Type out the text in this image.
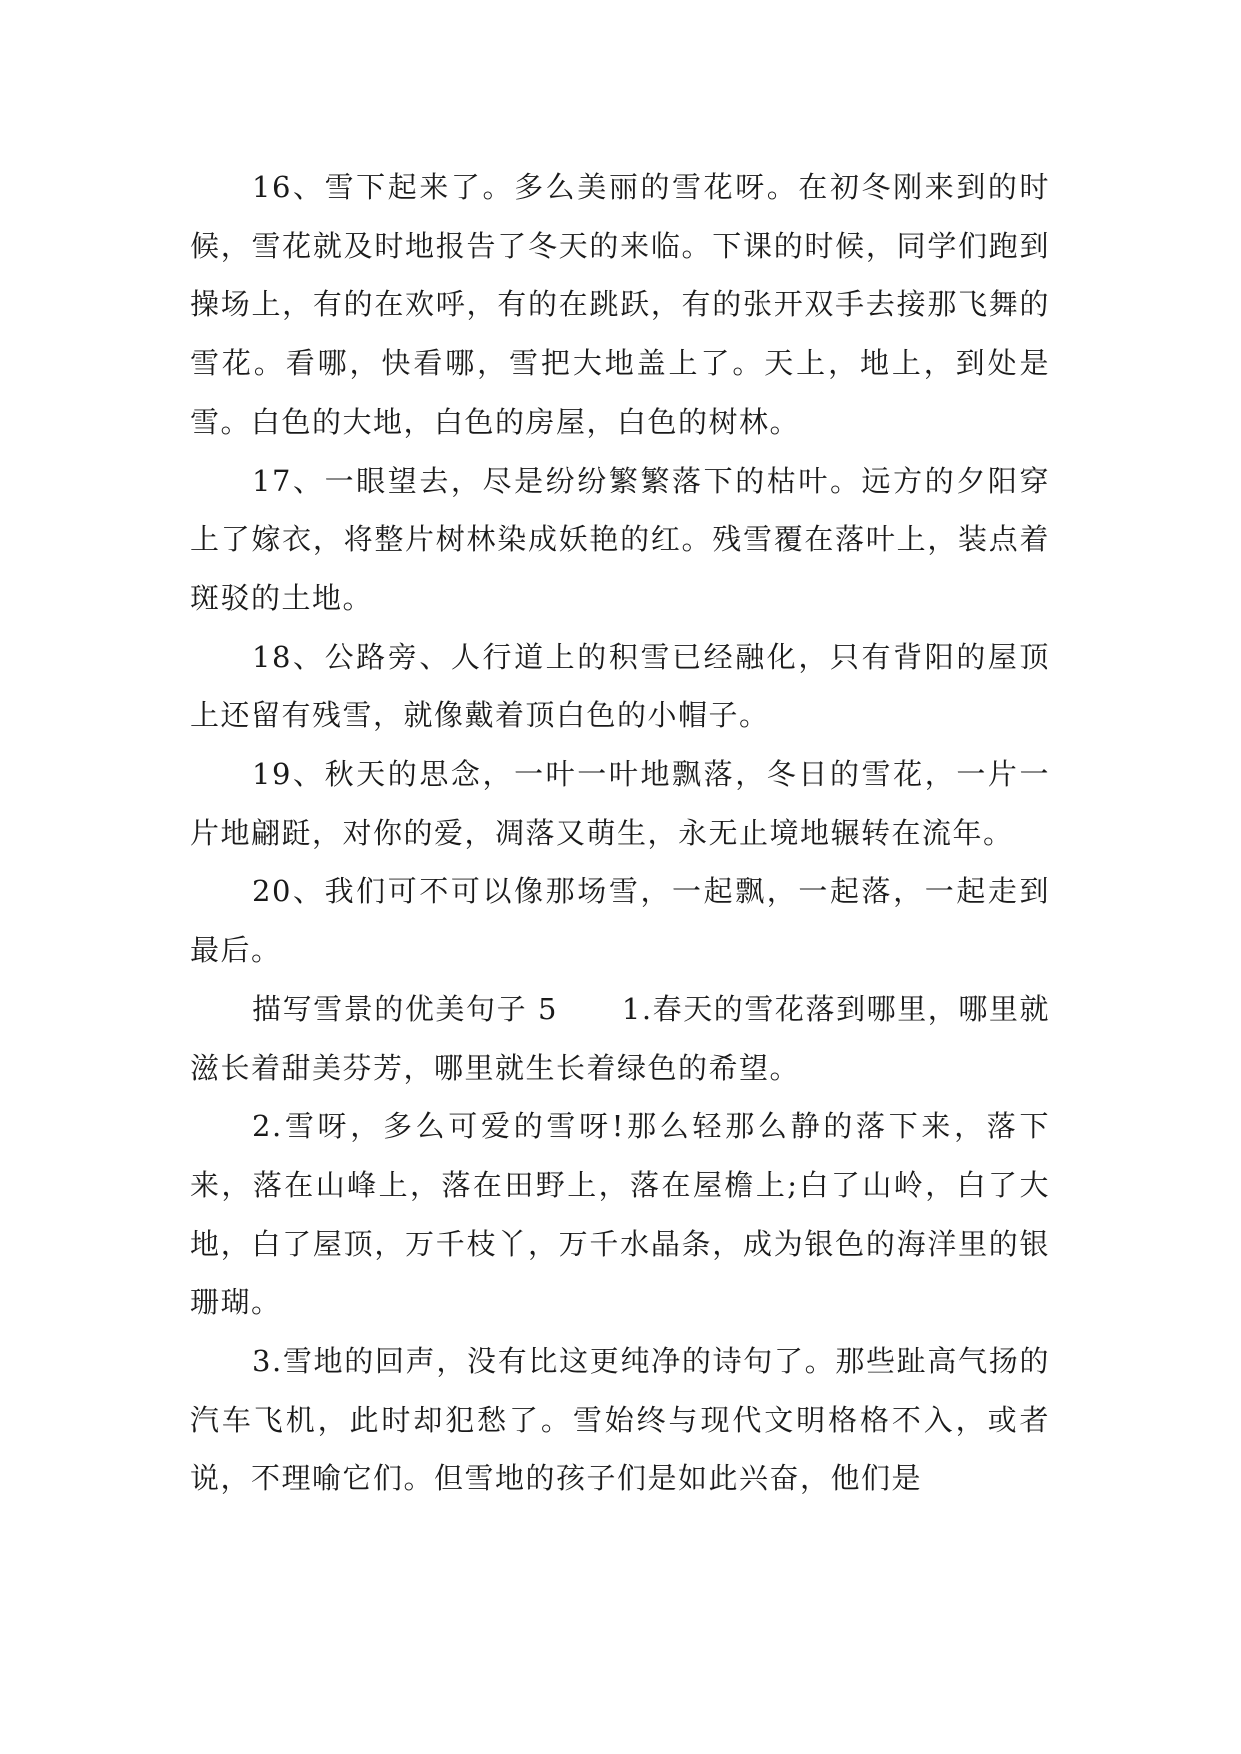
16、雪下起来了。多么美丽的雪花呀。在初冬刚来到的时候，雪花就及时地报告了冬天的来临。下课的时候，同学们跑到操场上，有的在欢呼，有的在跳跃，有的张开双手去接那飞舞的雪花。看哪，快看哪，雪把大地盖上了。天上，地上，到处是雪。白色的大地，白色的房屋，白色的树林。

17、一眼望去，尽是纷纷繁繁落下的枯叶。远方的夕阳穿上了嫁衣，将整片树林染成妖艳的红。残雪覆在落叶上，装点着斑驳的土地。

18、公路旁、人行道上的积雪已经融化，只有背阳的屋顶上还留有残雪，就像戴着顶白色的小帽子。

19、秋天的思念，一叶一叶地飘落，冬日的雪花，一片一片地翩跹，对你的爱，凋落又萌生，永无止境地辗转在流年。

20、我们可不可以像那场雪，一起飘，一起落，一起走到最后。

描写雪景的优美句子 5 1.春天的雪花落到哪里，哪里就滋长着甜美芬芳，哪里就生长着绿色的希望。

2.雪呀，多么可爱的雪呀!那么轻那么静的落下来，落下来，落在山峰上，落在田野上，落在屋檐上;白了山岭，白了大地，白了屋顶，万千枝丫，万千水晶条，成为银色的海洋里的银珊瑚。

3.雪地的回声，没有比这更纯净的诗句了。那些趾高气扬的汽车飞机，此时却犯愁了。雪始终与现代文明格格不入，或者说，不理喻它们。但雪地的孩子们是如此兴奋，他们是
